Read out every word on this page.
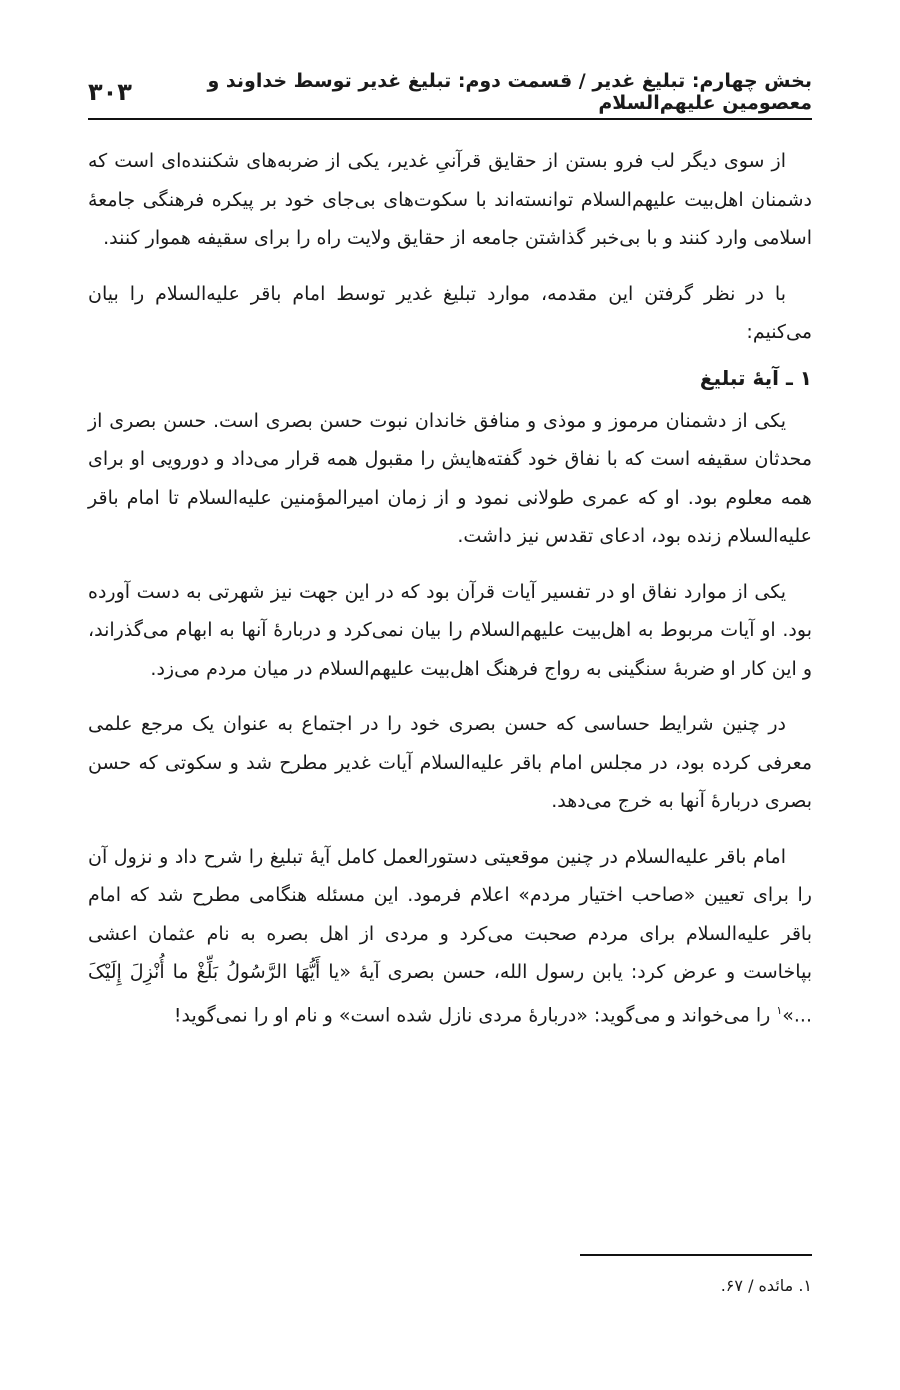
بخش چهارم: تبلیغ غدیر / قسمت دوم: تبلیغ غدیر توسط خداوند و معصومین علیهم‌السلام
۳۰۳

از سوی دیگر لب فرو بستن از حقایق قرآنیِ غدیر، یکی از ضربه‌های شکننده‌ای است که دشمنان اهل‌بیت علیهم‌السلام توانسته‌اند با سکوت‌های بی‌جای خود بر پیکره فرهنگی جامعهٔ اسلامی وارد کنند و با بی‌خبر گذاشتن جامعه از حقایق ولایت راه را برای سقیفه هموار کنند.

با در نظر گرفتن این مقدمه، موارد تبلیغ غدیر توسط امام باقر علیه‌السلام را بیان می‌کنیم:

۱ ـ آیهٔ تبلیغ

یکی از دشمنان مرموز و موذی و منافق خاندان نبوت حسن بصری است. حسن بصری از محدثان سقیفه است که با نفاق خود گفته‌هایش را مقبول همه قرار می‌داد و دورویی او برای همه معلوم بود. او که عمری طولانی نمود و از زمان امیرالمؤمنین علیه‌السلام تا امام باقر علیه‌السلام زنده بود، ادعای تقدس نیز داشت.

یکی از موارد نفاق او در تفسیر آیات قرآن بود که در این جهت نیز شهرتی به دست آورده بود. او آیات مربوط به اهل‌بیت علیهم‌السلام را بیان نمی‌کرد و دربارهٔ آنها به ابهام می‌گذراند، و این کار او ضربهٔ سنگینی به رواج فرهنگ اهل‌بیت علیهم‌السلام در میان مردم می‌زد.

در چنین شرایط حساسی که حسن بصری خود را در اجتماع به عنوان یک مرجع علمی معرفی کرده بود، در مجلس امام باقر علیه‌السلام آیات غدیر مطرح شد و سکوتی که حسن بصری دربارهٔ آنها به خرج می‌دهد.

امام باقر علیه‌السلام در چنین موقعیتی دستورالعمل کامل آیهٔ تبلیغ را شرح داد و نزول آن را برای تعیین «صاحب اختیار مردم» اعلام فرمود. این مسئله هنگامی مطرح شد که امام باقر علیه‌السلام برای مردم صحبت می‌کرد و مردی از اهل بصره به نام عثمان اعشی بپاخاست و عرض کرد: یابن رسول الله، حسن بصری آیهٔ «یا أَیُّهَا الرَّسُولُ بَلِّغْ ما أُنْزِلَ إِلَیْکَ ...»$^۱$ را می‌خواند و می‌گوید: «دربارهٔ مردی نازل شده است» و نام او را نمی‌گوید!

۱. مائده / ۶۷.
